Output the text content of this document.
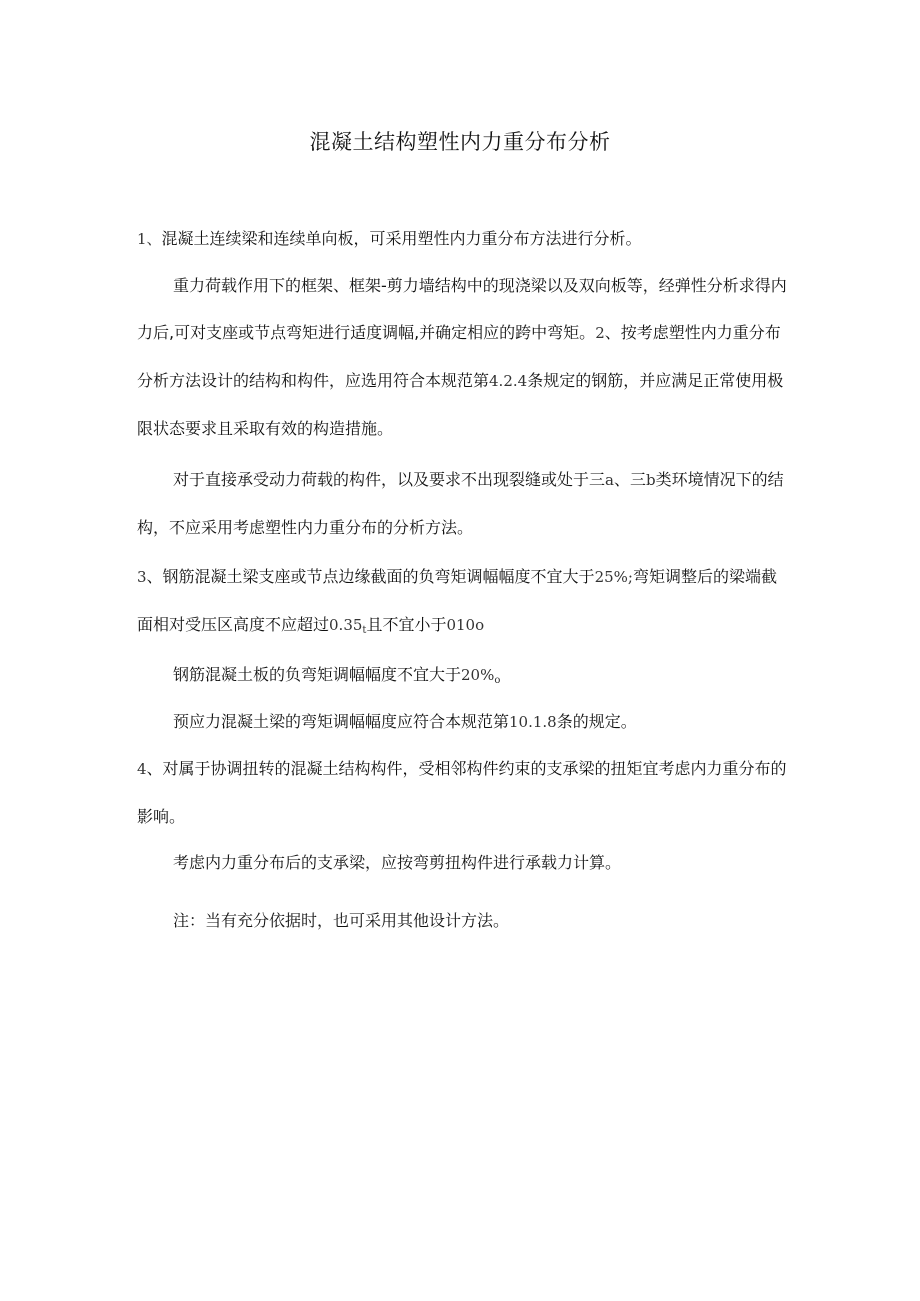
混凝土结构塑性内力重分布分析

1、混凝土连续梁和连续单向板，可采用塑性内力重分布方法进行分析。

重力荷载作用下的框架、框架-剪力墙结构中的现浇梁以及双向板等，经弹性分析求得内力后,可对支座或节点弯矩进行适度调幅,并确定相应的跨中弯矩。2、按考虑塑性内力重分布分析方法设计的结构和构件，应选用符合本规范第4.2.4条规定的钢筋，并应满足正常使用极限状态要求且采取有效的构造措施。

对于直接承受动力荷载的构件，以及要求不出现裂缝或处于三a、三b类环境情况下的结构，不应采用考虑塑性内力重分布的分析方法。

3、钢筋混凝土梁支座或节点边缘截面的负弯矩调幅幅度不宜大于25%;弯矩调整后的梁端截面相对受压区高度不应超过$0.35_t$且不宜小于010o

钢筋混凝土板的负弯矩调幅幅度不宜大于$20\%_o$

预应力混凝土梁的弯矩调幅幅度应符合本规范第10.1.8条的规定。

4、对属于协调扭转的混凝土结构构件，受相邻构件约束的支承梁的扭矩宜考虑内力重分布的影响。

考虑内力重分布后的支承梁，应按弯剪扭构件进行承载力计算。

注：当有充分依据时，也可采用其他设计方法。
